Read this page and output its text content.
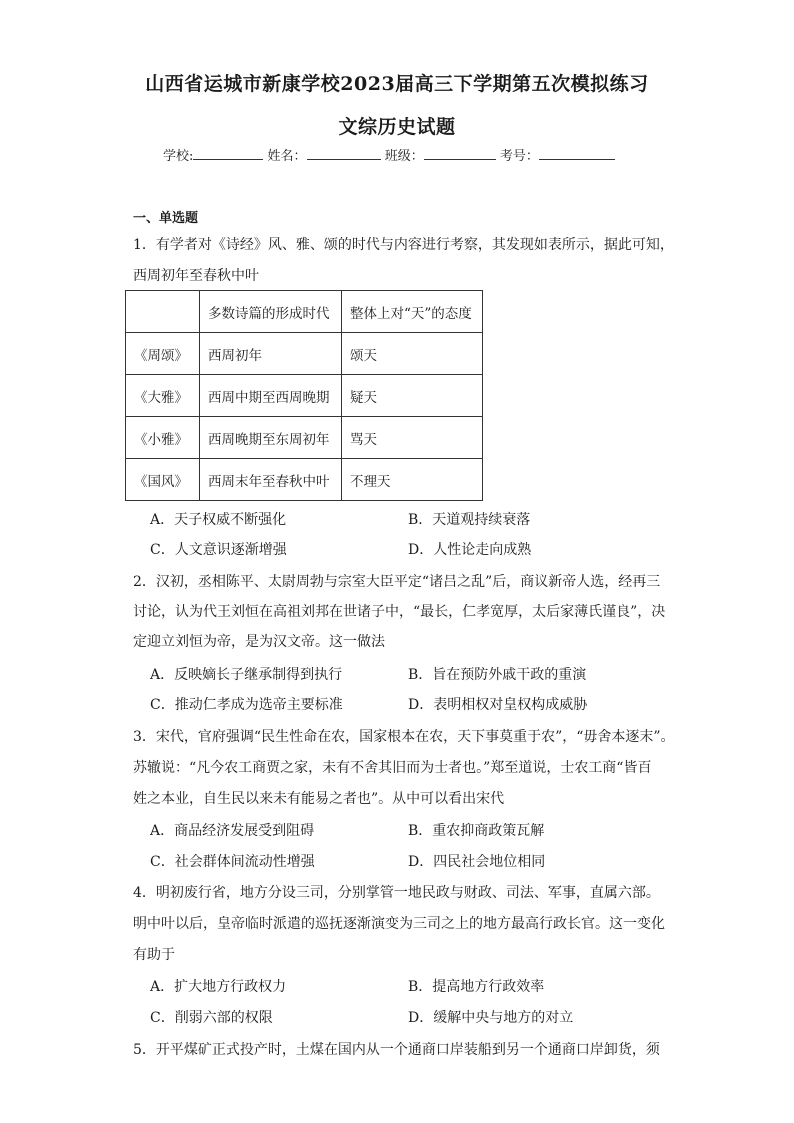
山西省运城市新康学校2023届高三下学期第五次模拟练习
文综历史试题
学校:	姓名：	班级：	考号：
一、单选题
1．有学者对《诗经》风、雅、颂的时代与内容进行考察，其发现如表所示，据此可知，
西周初年至春秋中叶
	多数诗篇的形成时代	整体上对“天”的态度
《周颂》	西周初年	颂天
《大雅》	西周中期至西周晚期	疑天
《小雅》	西周晚期至东周初年	骂天
《国风》	西周末年至春秋中叶	不理天
A．天子权威不断强化	B．天道观持续衰落
C．人文意识逐渐增强	D．人性论走向成熟
2．汉初，丞相陈平、太尉周勃与宗室大臣平定“诸吕之乱”后，商议新帝人选，经再三
讨论，认为代王刘恒在高祖刘邦在世诸子中，“最长，仁孝宽厚，太后家薄氏谨良”，决
定迎立刘恒为帝，是为汉文帝。这一做法
A．反映嫡长子继承制得到执行	B．旨在预防外戚干政的重演
C．推动仁孝成为选帝主要标准	D．表明相权对皇权构成威胁
3．宋代，官府强调“民生性命在农，国家根本在农，天下事莫重于农”，“毋舍本逐末”。
苏辙说：“凡今农工商贾之家，未有不舍其旧而为士者也。”郑至道说，士农工商“皆百
姓之本业，自生民以来未有能易之者也”。从中可以看出宋代
A．商品经济发展受到阻碍	B．重农抑商政策瓦解
C．社会群体间流动性增强	D．四民社会地位相同
4．明初废行省，地方分设三司，分别掌管一地民政与财政、司法、军事，直属六部。
明中叶以后，皇帝临时派遣的巡抚逐渐演变为三司之上的地方最高行政长官。这一变化
有助于
A．扩大地方行政权力	B．提高地方行政效率
C．削弱六部的权限	D．缓解中央与地方的对立
5．开平煤矿正式投产时，土煤在国内从一个通商口岸装船到另一个通商口岸卸货，须
